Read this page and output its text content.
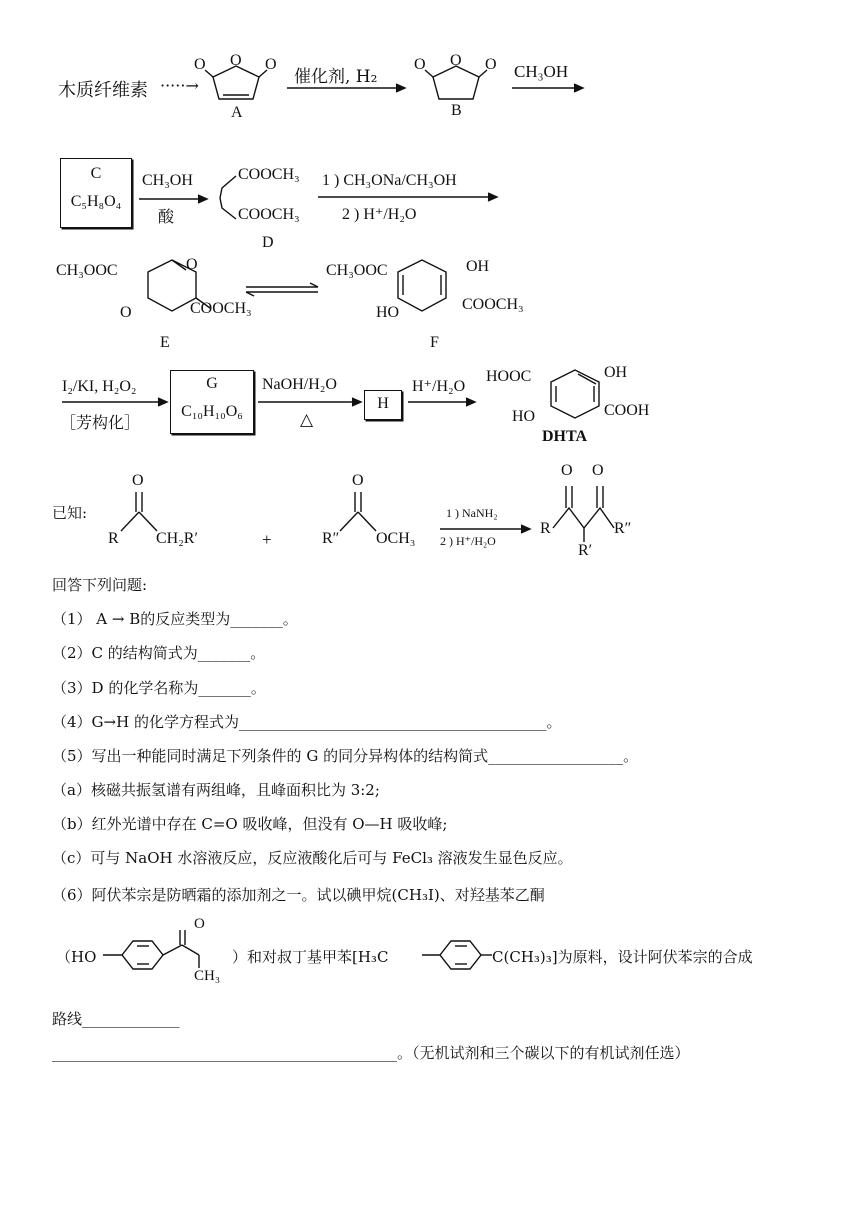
木质纤维素 ·····→
O O O
A
催化剂, H₂
O O O
B
CH₃OH
C
C₅H₈O₄
CH₃OH
酸
COOCH₃
COOCH₃
D
1 ) CH₃ONa/CH₃OH
2 ) H⁺/H₂O
CH₃OOC	O
O	COOCH₃
E
CH₃OOC	OH
HO	COOCH₃
F
I₂/KI, H₂O₂
［芳构化］
G
C₁₀H₁₀O₆
NaOH/H₂O
△
H
H⁺/H₂O
HOOC	OH
HO	COOH
DHTA
已知:
O
R CH₂R′	+
O
R″ OCH₃
1 ) NaNH₂
2 ) H⁺/H₂O
O O
R	R″
R′
回答下列问题:
（1） A → B的反应类型为_______。
（2）C 的结构简式为_______。
（3）D 的化学名称为_______。
（4）G→H 的化学方程式为_________________________________________。
（5）写出一种能同时满足下列条件的 G 的同分异构体的结构简式__________________。
（a）核磁共振氢谱有两组峰，且峰面积比为 3:2;
（b）红外光谱中存在 C=O 吸收峰，但没有 O—H 吸收峰;
（c）可与 NaOH 水溶液反应，反应液酸化后可与 FeCl₃ 溶液发生显色反应。
（6）阿伏苯宗是防晒霜的添加剂之一。试以碘甲烷(CH₃I)、对羟基苯乙酮
（HO
O
CH₃
）和对叔丁基甲苯[H₃C	C(CH₃)₃]为原料，设计阿伏苯宗的合成
路线_____________
______________________________________________。（无机试剂和三个碳以下的有机试剂任选）
